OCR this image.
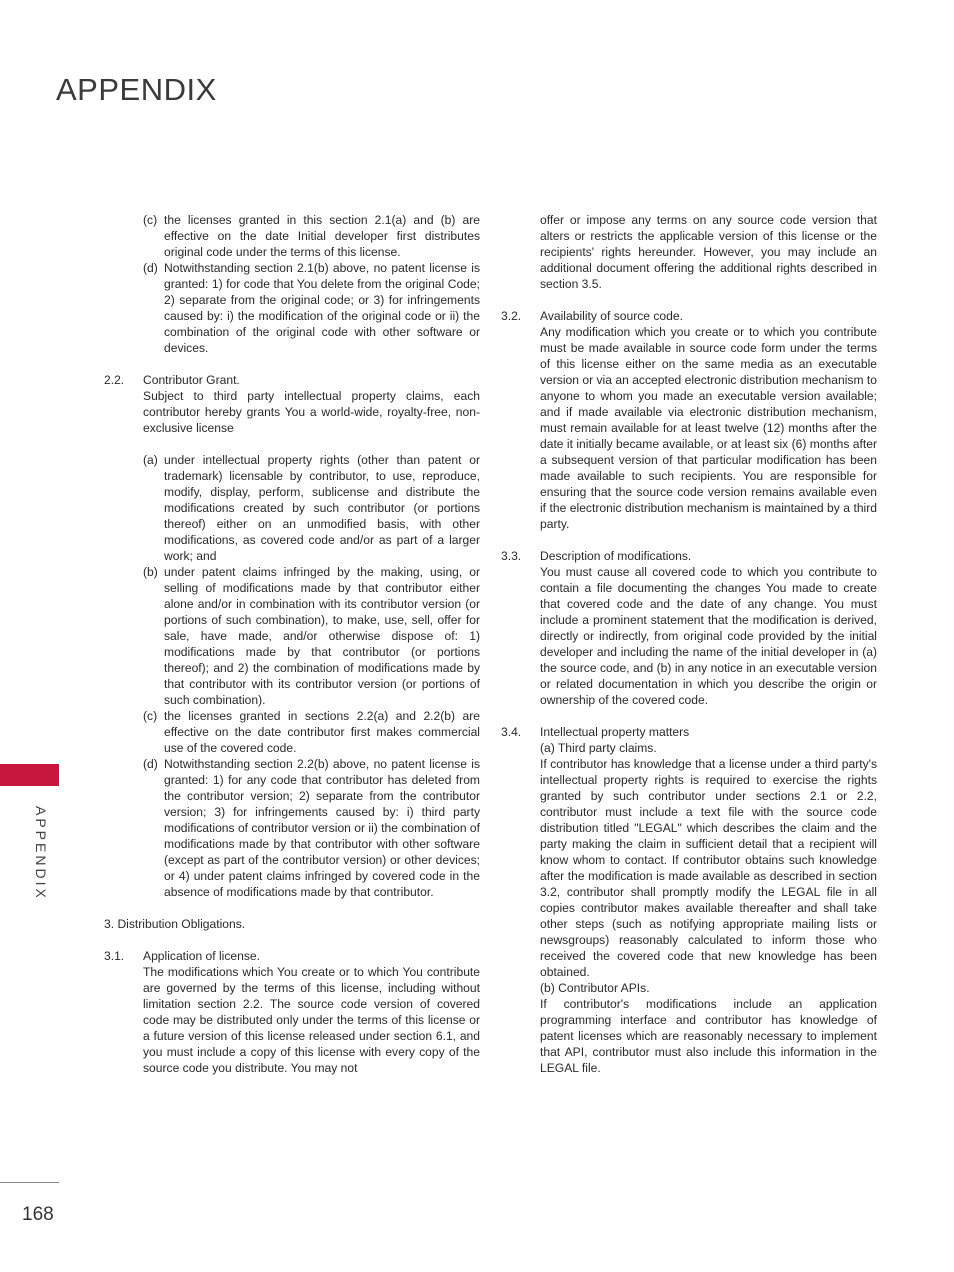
APPENDIX
APPENDIX
168
(c) the licenses granted in this section 2.1(a) and (b) are effective on the date Initial developer first distributes original code under the terms of this license.
(d) Notwithstanding section 2.1(b) above, no patent license is granted: 1) for code that You delete from the original Code; 2) separate from the original code; or 3) for infringements caused by: i) the modification of the original code or ii) the combination of the original code with other software or devices.
2.2.	Contributor Grant.
Subject to third party intellectual property claims, each contributor hereby grants You a world-wide, royalty-free, non-exclusive license
(a) under intellectual property rights (other than patent or trademark) licensable by contributor, to use, reproduce, modify, display, perform, sublicense and distribute the modifications created by such contributor (or portions thereof) either on an unmodified basis, with other modifications, as covered code and/or as part of a larger work; and
(b) under patent claims infringed by the making, using, or selling of modifications made by that contributor either alone and/or in combination with its contributor version (or portions of such combination), to make, use, sell, offer for sale, have made, and/or otherwise dispose of: 1) modifications made by that contributor (or portions thereof); and 2) the combination of modifications made by that contributor with its contributor version (or portions of such combination).
(c) the licenses granted in sections 2.2(a) and 2.2(b) are effective on the date contributor first makes commercial use of the covered code.
(d) Notwithstanding section 2.2(b) above, no patent license is granted: 1) for any code that contributor has deleted from the contributor version; 2) separate from the contributor version; 3) for infringements caused by: i) third party modifications of contributor version or ii) the combination of modifications made by that contributor with other software (except as part of the contributor version) or other devices; or 4) under patent claims infringed by covered code in the absence of modifications made by that contributor.
3. Distribution Obligations.
3.1.	Application of license.
The modifications which You create or to which You contribute are governed by the terms of this license, including without limitation section 2.2. The source code version of covered code may be distributed only under the terms of this license or a future version of this license released under section 6.1, and you must include a copy of this license with every copy of the source code you distribute. You may not
offer or impose any terms on any source code version that alters or restricts the applicable version of this license or the recipients' rights hereunder. However, you may include an additional document offering the additional rights described in section 3.5.
3.2.	Availability of source code.
Any modification which you create or to which you contribute must be made available in source code form under the terms of this license either on the same media as an executable version or via an accepted electronic distribution mechanism to anyone to whom you made an executable version available; and if made available via electronic distribution mechanism, must remain available for at least twelve (12) months after the date it initially became available, or at least six (6) months after a subsequent version of that particular modification has been made available to such recipients. You are responsible for ensuring that the source code version remains available even if the electronic distribution mechanism is maintained by a third party.
3.3.	Description of modifications.
You must cause all covered code to which you contribute to contain a file documenting the changes You made to create that covered code and the date of any change. You must include a prominent statement that the modification is derived, directly or indirectly, from original code provided by the initial developer and including the name of the initial developer in (a) the source code, and (b) in any notice in an executable version or related documentation in which you describe the origin or ownership of the covered code.
3.4.	Intellectual property matters
(a) Third party claims.
If contributor has knowledge that a license under a third party's intellectual property rights is required to exercise the rights granted by such contributor under sections 2.1 or 2.2, contributor must include a text file with the source code distribution titled "LEGAL" which describes the claim and the party making the claim in sufficient detail that a recipient will know whom to contact. If contributor obtains such knowledge after the modification is made available as described in section 3.2, contributor shall promptly modify the LEGAL file in all copies contributor makes available thereafter and shall take other steps (such as notifying appropriate mailing lists or newsgroups) reasonably calculated to inform those who received the covered code that new knowledge has been obtained.
(b) Contributor APIs.
If contributor's modifications include an application programming interface and contributor has knowledge of patent licenses which are reasonably necessary to implement that API, contributor must also include this information in the LEGAL file.
